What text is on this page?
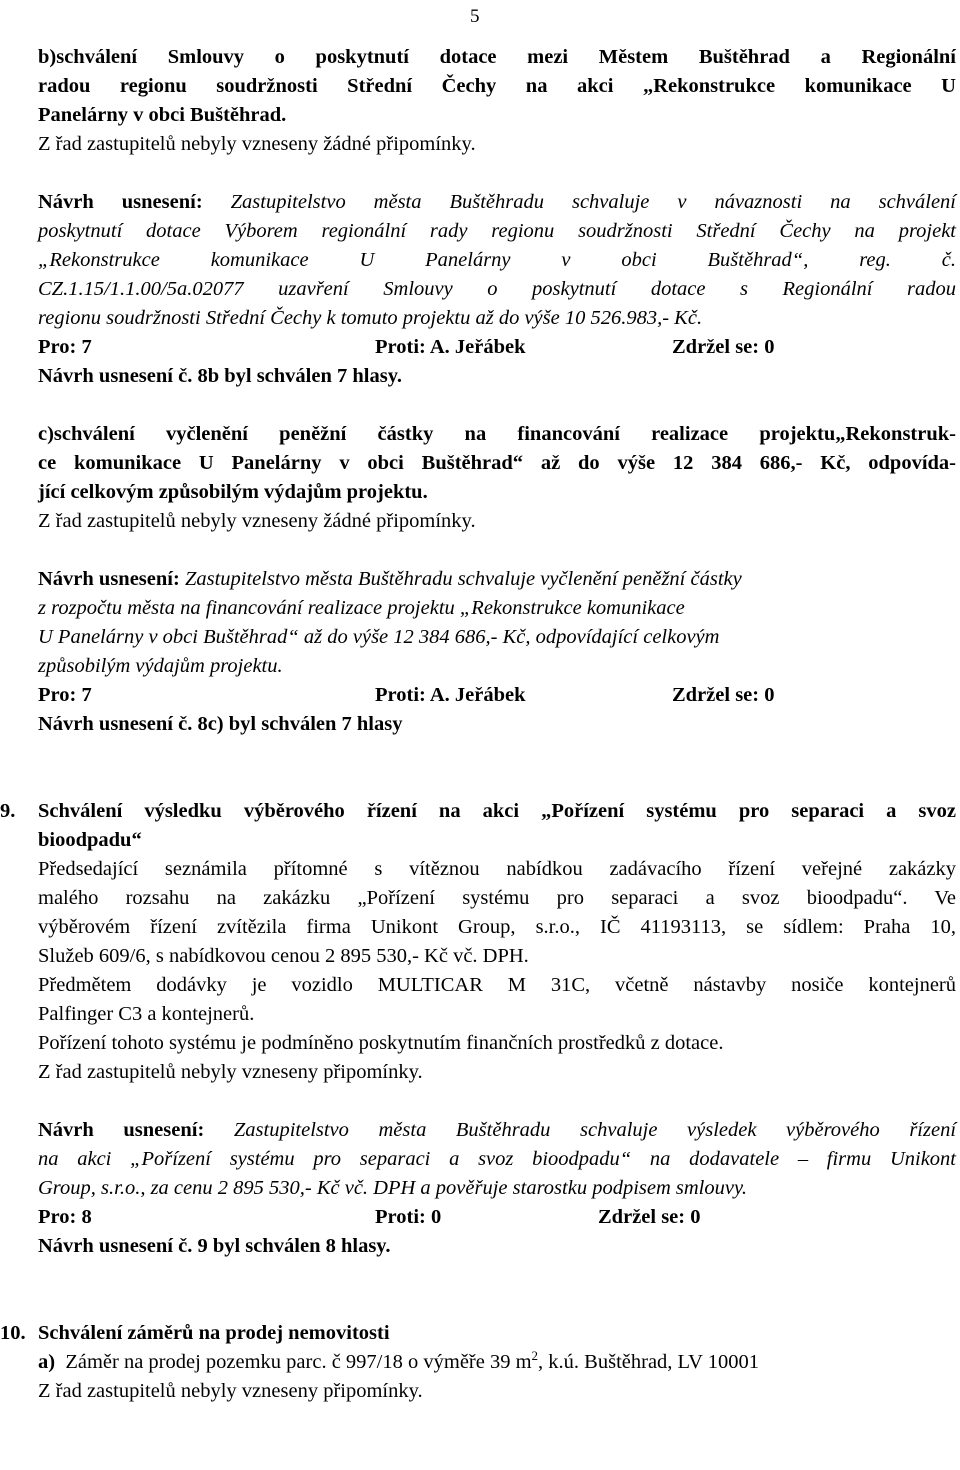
5

b)schválení Smlouvy o poskytnutí dotace mezi Městem Buštěhrad a Regionální

radou regionu soudržnosti Střední Čechy na akci „Rekonstrukce komunikace U

Panelárny v obci Buštěhrad.

Z řad zastupitelů nebyly vzneseny žádné připomínky.

Návrh usnesení: Zastupitelstvo města Buštěhradu schvaluje v návaznosti na schválení

poskytnutí dotace Výborem regionální rady regionu soudržnosti Střední Čechy na projekt

„Rekonstrukce komunikace U Panelárny v obci Buštěhrad“, reg. č.

CZ.1.15/1.1.00/5a.02077 uzavření Smlouvy o poskytnutí dotace s Regionální radou

regionu soudržnosti Střední Čechy k tomuto projektu až do výše 10 526.983,- Kč.

Pro: 7	Proti: A. Jeřábek	Zdržel se: 0

Návrh usnesení č. 8b byl schválen 7 hlasy.

c)schválení vyčlenění peněžní částky na financování realizace projektu„Rekonstruk-

ce komunikace U Panelárny v obci Buštěhrad“ až do výše 12 384 686,- Kč, odpovída-

jící celkovým způsobilým výdajům projektu.

Z řad zastupitelů nebyly vzneseny žádné připomínky.

Návrh usnesení: Zastupitelstvo města Buštěhradu schvaluje vyčlenění peněžní částky

z rozpočtu města na financování realizace projektu „Rekonstrukce komunikace

U Panelárny v obci Buštěhrad“ až do výše 12 384 686,- Kč, odpovídající celkovým

způsobilým výdajům projektu.

Pro: 7	Proti: A. Jeřábek	Zdržel se: 0

Návrh usnesení č. 8c) byl schválen 7 hlasy

9. Schválení výsledku výběrového řízení na akci „Pořízení systému pro separaci a svoz

bioodpadu“

Předsedající seznámila přítomné s vítěznou nabídkou zadávacího řízení veřejné zakázky

malého rozsahu na zakázku „Pořízení systému pro separaci a svoz bioodpadu“. Ve

výběrovém řízení zvítězila firma Unikont Group, s.r.o., IČ 41193113, se sídlem: Praha 10,

Služeb 609/6, s nabídkovou cenou 2 895 530,- Kč vč. DPH.

Předmětem dodávky je vozidlo MULTICAR M 31C, včetně nástavby nosiče kontejnerů

Palfinger C3 a kontejnerů.

Pořízení tohoto systému je podmíněno poskytnutím finančních prostředků z dotace.

Z řad zastupitelů nebyly vzneseny připomínky.

Návrh usnesení: Zastupitelstvo města Buštěhradu schvaluje výsledek výběrového řízení

na akci „Pořízení systému pro separaci a svoz bioodpadu“ na dodavatele – firmu Unikont

Group, s.r.o., za cenu 2 895 530,- Kč vč. DPH a pověřuje starostku podpisem smlouvy.

Pro: 8	Proti: 0	Zdržel se: 0

Návrh usnesení č. 9 byl schválen 8 hlasy.

10. Schválení záměrů na prodej nemovitosti

a) Záměr na prodej pozemku parc. č 997/18 o výměře 39 $m^2$, k.ú. Buštěhrad, LV 10001

Z řad zastupitelů nebyly vzneseny připomínky.
